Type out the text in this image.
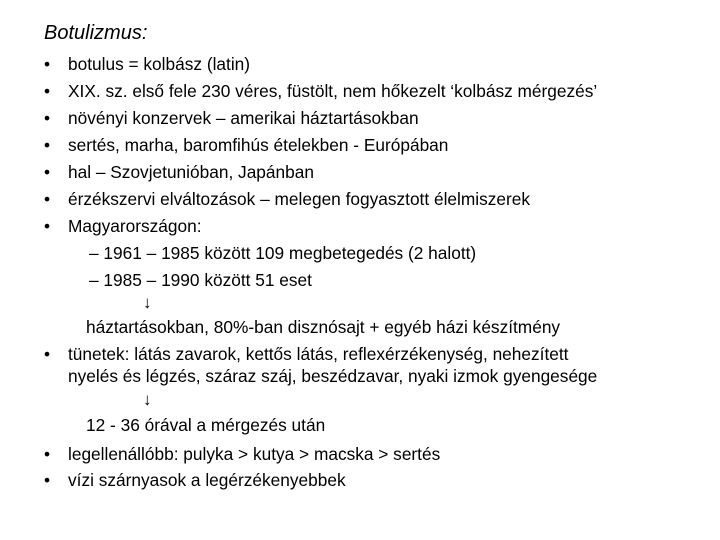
Botulizmus:
• botulus = kolbász (latin)
• XIX. sz. első fele 230 véres, füstölt, nem hőkezelt ‘kolbász mérgezés’
• növényi konzervek – amerikai háztartásokban
• sertés, marha, baromfihús ételekben - Európában
• hal – Szovjetunióban, Japánban
• érzékszervi elváltozások – melegen fogyasztott élelmiszerek
• Magyarországon:
– 1961 – 1985 között 109 megbetegedés (2 halott)
– 1985 – 1990 között 51 eset
↓
háztartásokban, 80%-ban disznósajt + egyéb házi készítmény
• tünetek: látás zavarok, kettős látás, reflexérzékenység, nehezített
nyelés és légzés, száraz száj, beszédzavar, nyaki izmok gyengesége
↓
12 - 36 órával a mérgezés után
• legellenállóbb: pulyka > kutya > macska > sertés
• vízi szárnyasok a legérzékenyebbek
